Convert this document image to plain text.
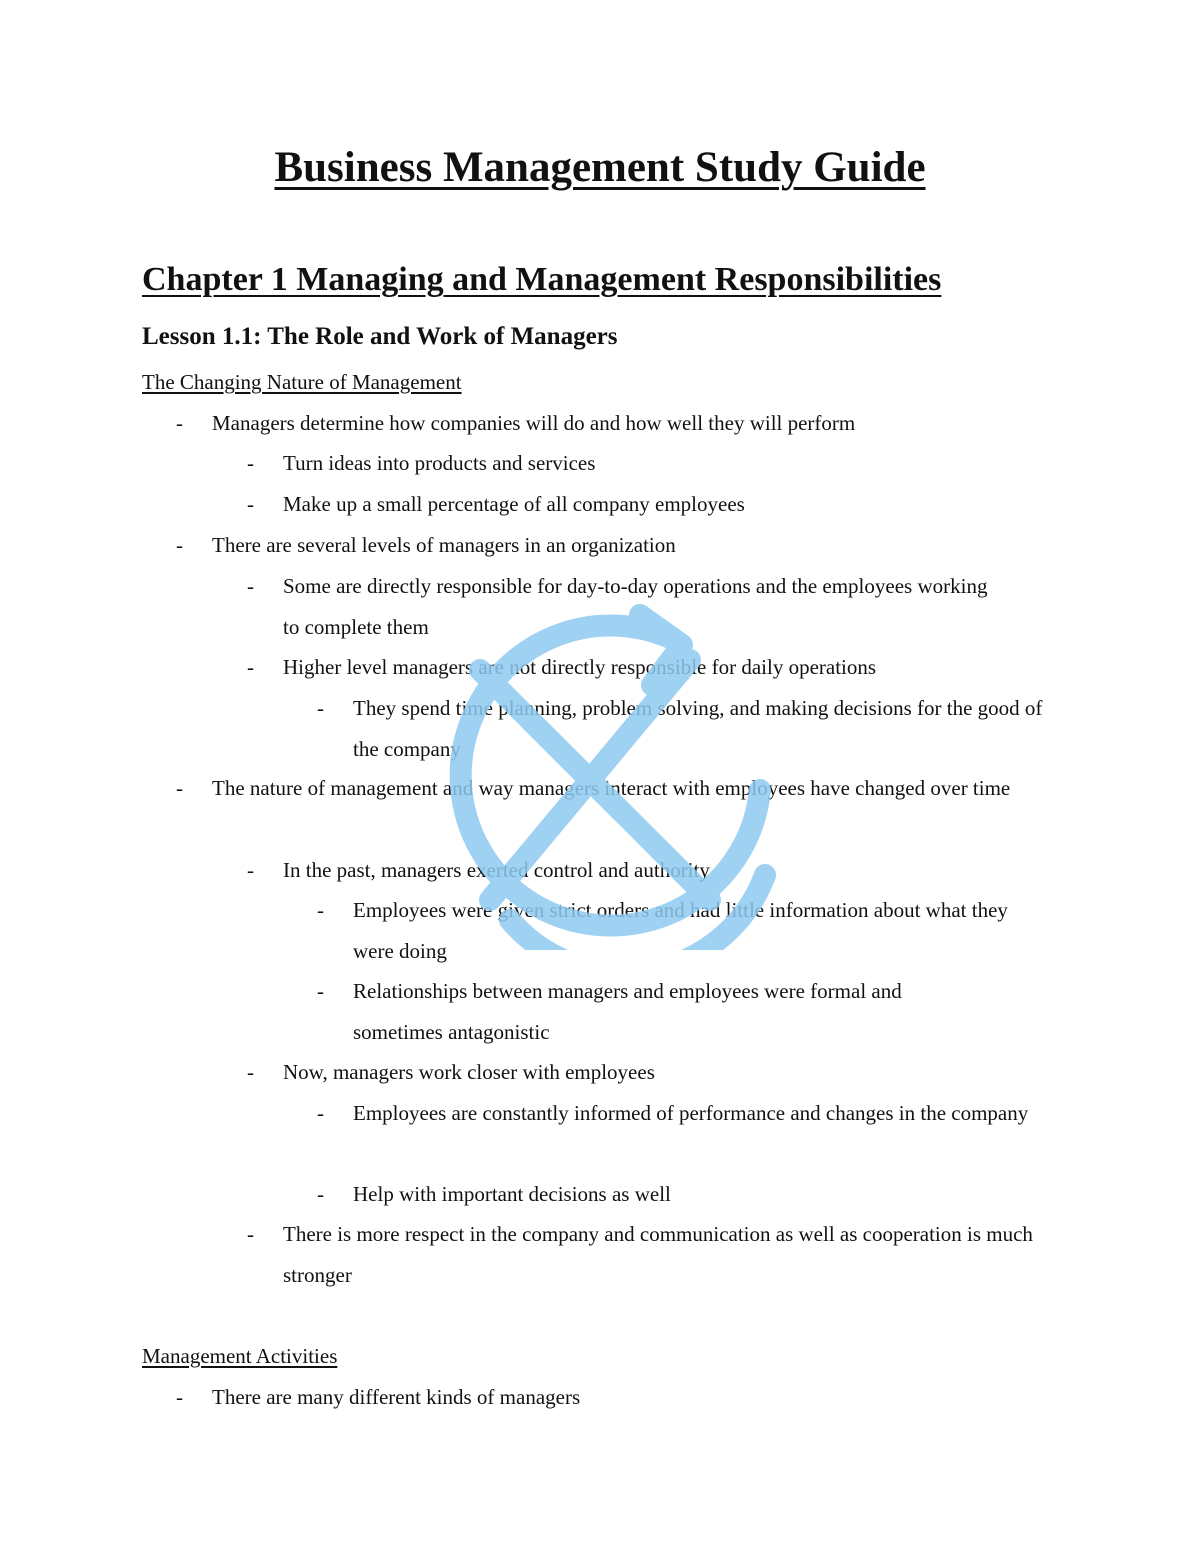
Business Management Study Guide
Chapter 1 Managing and Management Responsibilities
Lesson 1.1: The Role and Work of Managers
The Changing Nature of Management
- Managers determine how companies will do and how well they will perform
- Turn ideas into products and services
- Make up a small percentage of all company employees
- There are several levels of managers in an organization
- Some are directly responsible for day-to-day operations and the employees working to complete them
- Higher level managers are not directly responsible for daily operations
- They spend time planning, problem solving, and making decisions for the good of the company
- The nature of management and way managers interact with employees have changed over time
- In the past, managers exerted control and authority
- Employees were given strict orders and had little information about what they were doing
- Relationships between managers and employees were formal and sometimes antagonistic
- Now, managers work closer with employees
- Employees are constantly informed of performance and changes in the company
- Help with important decisions as well
- There is more respect in the company and communication as well as cooperation is much stronger
Management Activities
- There are many different kinds of managers
